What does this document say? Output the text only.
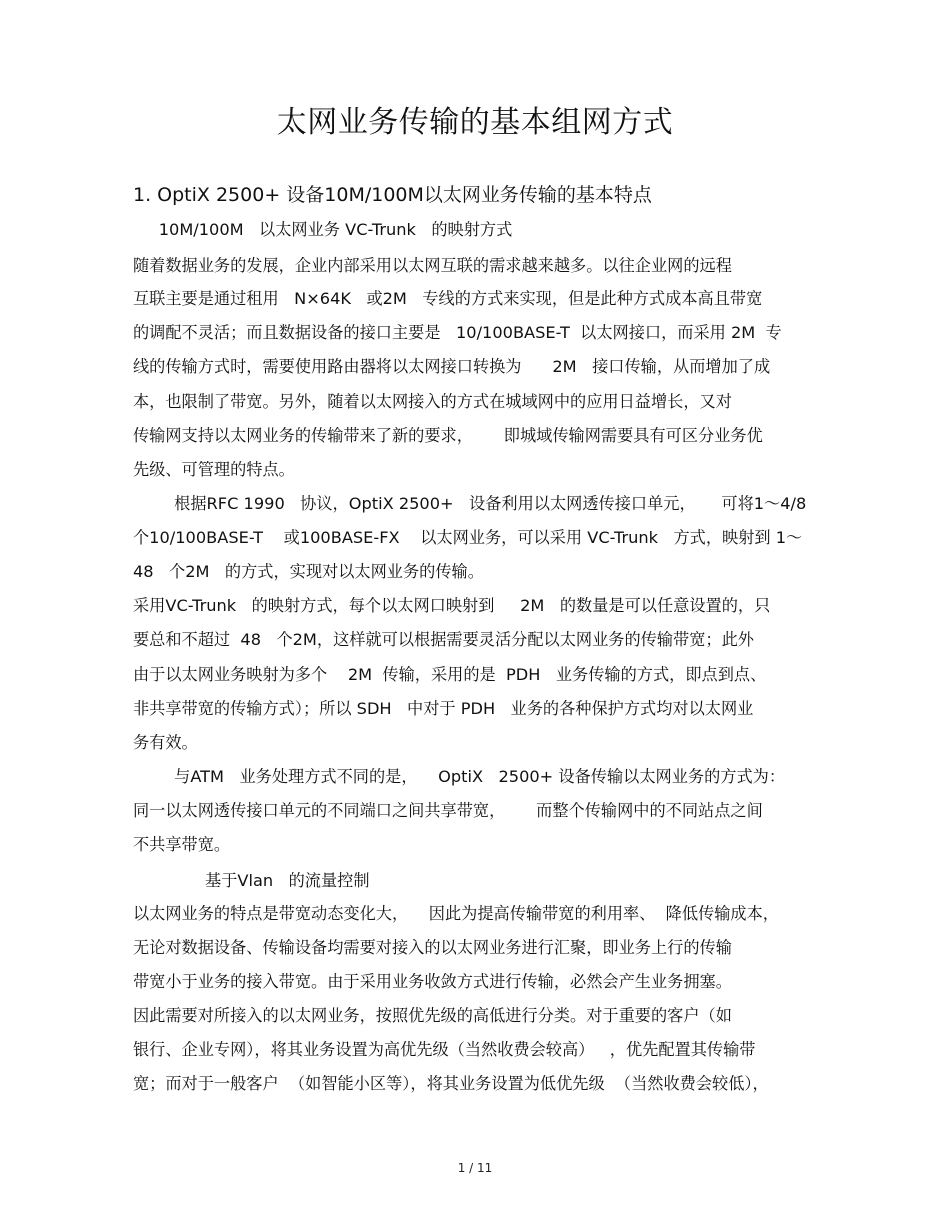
太网业务传输的基本组网方式
1. OptiX 2500+ 设备10M/100M以太网业务传输的基本特点
10M/100M   以太网业务 VC-Trunk   的映射方式
随着数据业务的发展，企业内部采用以太网互联的需求越来越多。以往企业网的远程
互联主要是通过租用   N×64K   或2M   专线的方式来实现，但是此种方式成本高且带宽
的调配不灵活；而且数据设备的接口主要是   10/100BASE-T  以太网接口，而采用 2M  专
线的传输方式时，需要使用路由器将以太网接口转换为      2M   接口传输，从而增加了成
本，也限制了带宽。另外，随着以太网接入的方式在城域网中的应用日益增长，又对
传输网支持以太网业务的传输带来了新的要求，      即城域传输网需要具有可区分业务优
先级、可管理的特点。
根据RFC 1990   协议，OptiX 2500+   设备利用以太网透传接口单元，     可将1～4/8
个10/100BASE-T    或100BASE-FX    以太网业务，可以采用 VC-Trunk   方式，映射到 1～
48   个2M   的方式，实现对以太网业务的传输。
采用VC-Trunk   的映射方式，每个以太网口映射到     2M   的数量是可以任意设置的，只
要总和不超过  48   个2M，这样就可以根据需要灵活分配以太网业务的传输带宽；此外
由于以太网业务映射为多个    2M  传输，采用的是  PDH   业务传输的方式，即点到点、
非共享带宽的传输方式）；所以 SDH   中对于 PDH   业务的各种保护方式均对以太网业
务有效。
与ATM   业务处理方式不同的是，    OptiX   2500+ 设备传输以太网业务的方式为：
同一以太网透传接口单元的不同端口之间共享带宽，      而整个传输网中的不同站点之间
不共享带宽。
基于Vlan   的流量控制
以太网业务的特点是带宽动态变化大，    因此为提高传输带宽的利用率、  降低传输成本，
无论对数据设备、传输设备均需要对接入的以太网业务进行汇聚，即业务上行的传输
带宽小于业务的接入带宽。由于采用业务收敛方式进行传输，必然会产生业务拥塞。
因此需要对所接入的以太网业务，按照优先级的高低进行分类。对于重要的客户（如
银行、企业专网），将其业务设置为高优先级（当然收费会较高）   ，优先配置其传输带
宽；而对于一般客户  （如智能小区等），将其业务设置为低优先级  （当然收费会较低），
1 / 11
